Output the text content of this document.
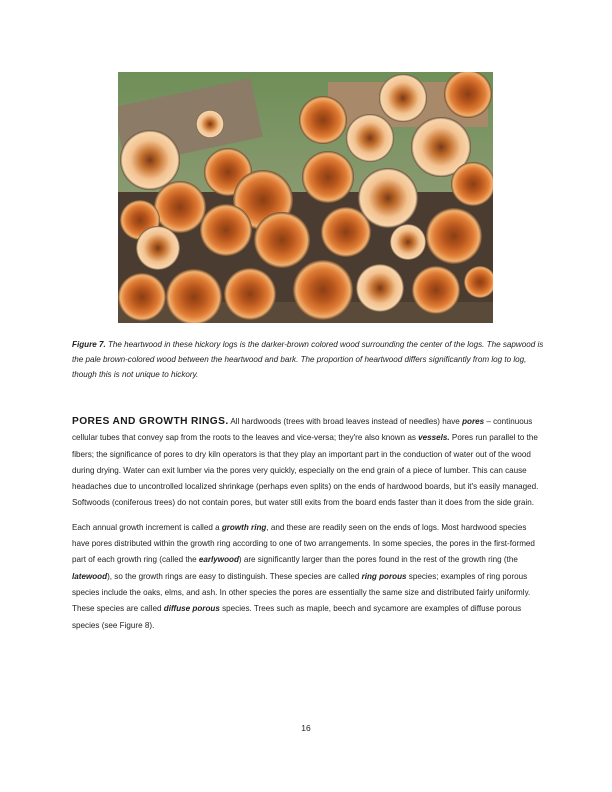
Figure 7. The heartwood in these hickory logs is the darker-brown colored wood surrounding the center of the logs. The sapwood is the pale brown-colored wood between the heartwood and bark. The proportion of heartwood differs significantly from log to log, though this is not unique to hickory.

PORES AND GROWTH RINGS. All hardwoods (trees with broad leaves instead of needles) have pores – continuous cellular tubes that convey sap from the roots to the leaves and vice-versa; they're also known as vessels. Pores run parallel to the fibers; the significance of pores to dry kiln operators is that they play an important part in the conduction of water out of the wood during drying. Water can exit lumber via the pores very quickly, especially on the end grain of a piece of lumber. This can cause headaches due to uncontrolled localized shrinkage (perhaps even splits) on the ends of hardwood boards, but it's easily managed. Softwoods (coniferous trees) do not contain pores, but water still exits from the board ends faster than it does from the side grain.

Each annual growth increment is called a growth ring, and these are readily seen on the ends of logs. Most hardwood species have pores distributed within the growth ring according to one of two arrangements. In some species, the pores in the first-formed part of each growth ring (called the earlywood) are significantly larger than the pores found in the rest of the growth ring (the latewood), so the growth rings are easy to distinguish. These species are called ring porous species; examples of ring porous species include the oaks, elms, and ash. In other species the pores are essentially the same size and distributed fairly uniformly. These species are called diffuse porous species. Trees such as maple, beech and sycamore are examples of diffuse porous species (see Figure 8).

16
